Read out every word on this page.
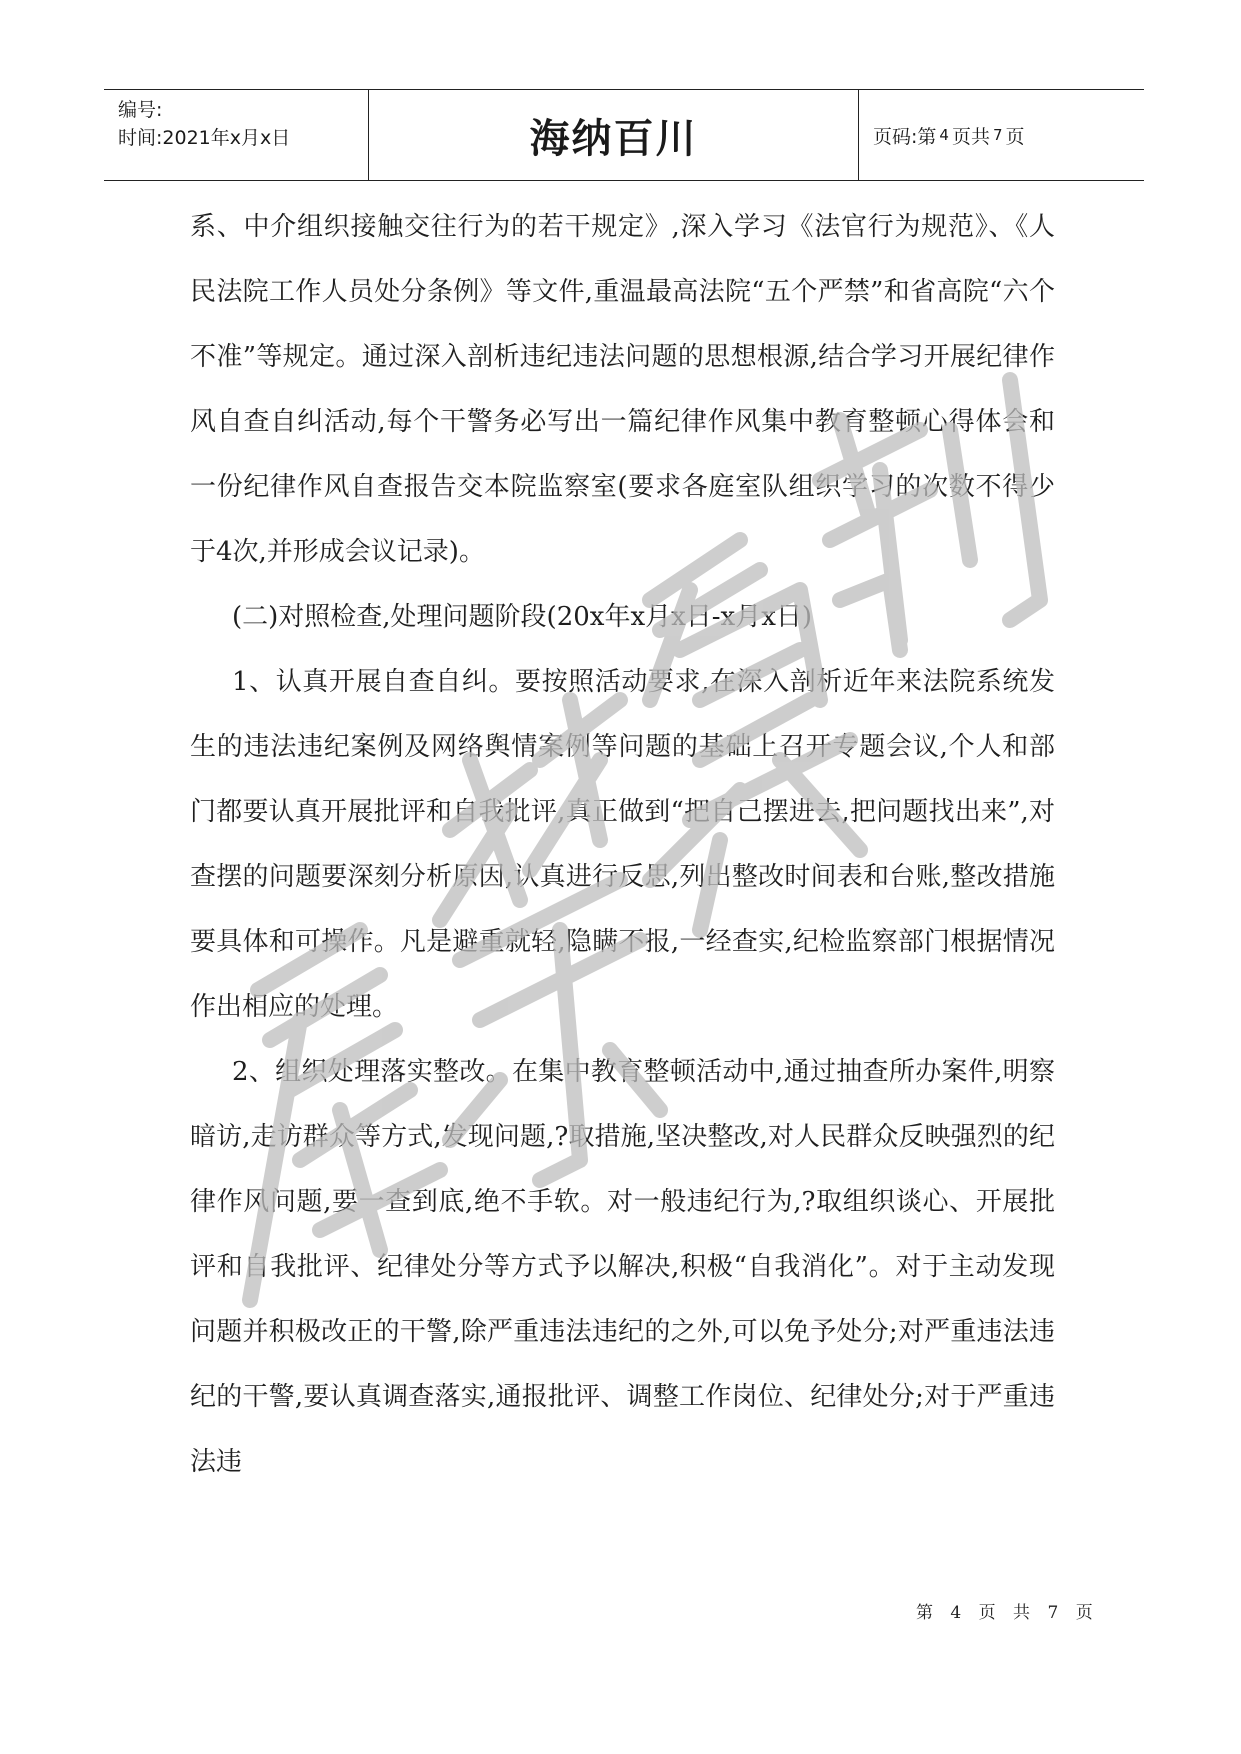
编号:
时间:2021年x月x日	海纳百川	页码:第 4 页共 7 页

系、中介组织接触交往行为的若干规定》,深入学习《法官行为规范》、《人民法院工作人员处分条例》等文件,重温最高法院“五个严禁”和省高院“六个不准”等规定。通过深入剖析违纪违法问题的思想根源,结合学习开展纪律作风自查自纠活动,每个干警务必写出一篇纪律作风集中教育整顿心得体会和一份纪律作风自查报告交本院监察室(要求各庭室队组织学习的次数不得少于4次,并形成会议记录)。

(二)对照检查,处理问题阶段(20x年x月x日-x月x日)

1、认真开展自查自纠。要按照活动要求,在深入剖析近年来法院系统发生的违法违纪案例及网络舆情案例等问题的基础上召开专题会议,个人和部门都要认真开展批评和自我批评,真正做到“把自己摆进去,把问题找出来”,对查摆的问题要深刻分析原因,认真进行反思,列出整改时间表和台账,整改措施要具体和可操作。凡是避重就轻,隐瞒不报,一经查实,纪检监察部门根据情况作出相应的处理。

2、组织处理落实整改。在集中教育整顿活动中,通过抽查所办案件,明察暗访,走访群众等方式,发现问题,?取措施,坚决整改,对人民群众反映强烈的纪律作风问题,要一查到底,绝不手软。对一般违纪行为,?取组织谈心、开展批评和自我批评、纪律处分等方式予以解决,积极“自我消化”。对于主动发现问题并积极改正的干警,除严重违法违纪的之外,可以免予处分;对严重违法违纪的干警,要认真调查落实,通报批评、调整工作岗位、纪律处分;对于严重违法违

第 4 页 共 7 页
